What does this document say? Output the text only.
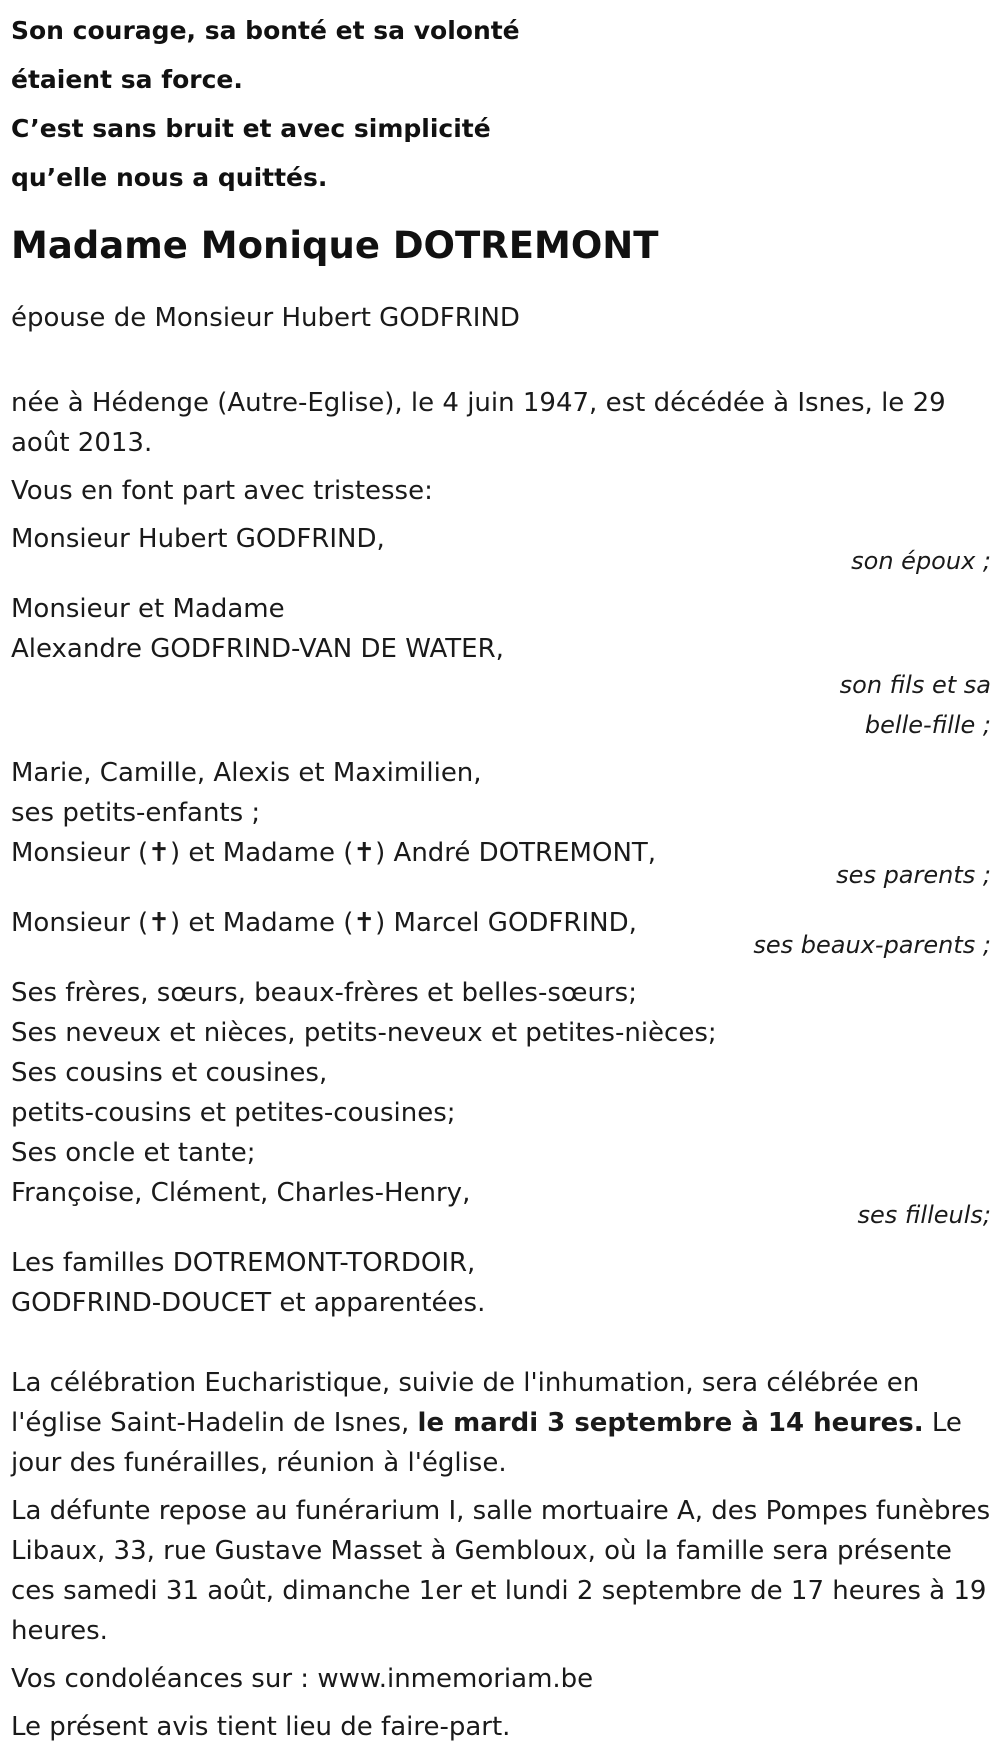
Son courage, sa bonté et sa volonté
étaient sa force.
C’est sans bruit et avec simplicité
qu’elle nous a quittés.
Madame Monique DOTREMONT
épouse de Monsieur Hubert GODFRIND
née à Hédenge (Autre-Eglise), le 4 juin 1947, est décédée à Isnes, le 29 août 2013.
Vous en font part avec tristesse:
Monsieur Hubert GODFRIND,
son époux ;
Monsieur et Madame
Alexandre GODFRIND-VAN DE WATER,
son fils et sa
belle-fille ;
Marie, Camille, Alexis et Maximilien,
ses petits-enfants ;
Monsieur (✝) et Madame (✝) André DOTREMONT,
ses parents ;
Monsieur (✝) et Madame (✝) Marcel GODFRIND,
ses beaux-parents ;
Ses frères, sœurs, beaux-frères et belles-sœurs;
Ses neveux et nièces, petits-neveux et petites-nièces;
Ses cousins et cousines,
petits-cousins et petites-cousines;
Ses oncle et tante;
Françoise, Clément, Charles-Henry,
ses filleuls;
Les familles DOTREMONT-TORDOIR,
GODFRIND-DOUCET et apparentées.
La célébration Eucharistique, suivie de l'inhumation, sera célébrée en l'église Saint-Hadelin de Isnes, le mardi 3 septembre à 14 heures. Le jour des funérailles, réunion à l'église.
La défunte repose au funérarium I, salle mortuaire A, des Pompes funèbres Libaux, 33, rue Gustave Masset à Gembloux, où la famille sera présente ces samedi 31 août, dimanche 1er et lundi 2 septembre de 17 heures à 19 heures.
Vos condoléances sur : www.inmemoriam.be
Le présent avis tient lieu de faire-part.
